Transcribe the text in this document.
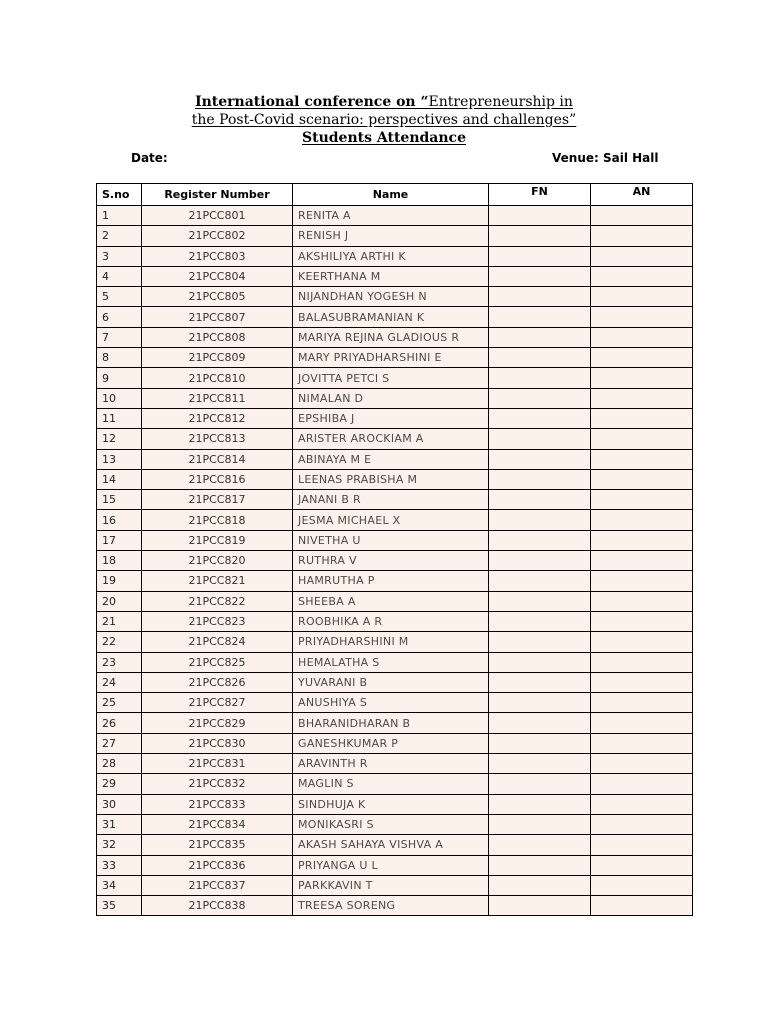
International conference on “Entrepreneurship in
the Post-Covid scenario: perspectives and challenges”
Students Attendance
Date:	Venue: Sail Hall
S.no	Register Number	Name	FN	AN
1	21PCC801	RENITA A		
2	21PCC802	RENISH J		
3	21PCC803	AKSHILIYA ARTHI K		
4	21PCC804	KEERTHANA M		
5	21PCC805	NIJANDHAN YOGESH N		
6	21PCC807	BALASUBRAMANIAN K		
7	21PCC808	MARIYA REJINA GLADIOUS R		
8	21PCC809	MARY PRIYADHARSHINI E		
9	21PCC810	JOVITTA PETCI S		
10	21PCC811	NIMALAN D		
11	21PCC812	EPSHIBA J		
12	21PCC813	ARISTER AROCKIAM A		
13	21PCC814	ABINAYA M E		
14	21PCC816	LEENAS PRABISHA M		
15	21PCC817	JANANI B R		
16	21PCC818	JESMA MICHAEL X		
17	21PCC819	NIVETHA U		
18	21PCC820	RUTHRA V		
19	21PCC821	HAMRUTHA P		
20	21PCC822	SHEEBA A		
21	21PCC823	ROOBHIKA A R		
22	21PCC824	PRIYADHARSHINI M		
23	21PCC825	HEMALATHA S		
24	21PCC826	YUVARANI B		
25	21PCC827	ANUSHIYA S		
26	21PCC829	BHARANIDHARAN B		
27	21PCC830	GANESHKUMAR P		
28	21PCC831	ARAVINTH R		
29	21PCC832	MAGLIN S		
30	21PCC833	SINDHUJA K		
31	21PCC834	MONIKASRI S		
32	21PCC835	AKASH SAHAYA VISHVA A		
33	21PCC836	PRIYANGA U L		
34	21PCC837	PARKKAVIN T		
35	21PCC838	TREESA SORENG		
